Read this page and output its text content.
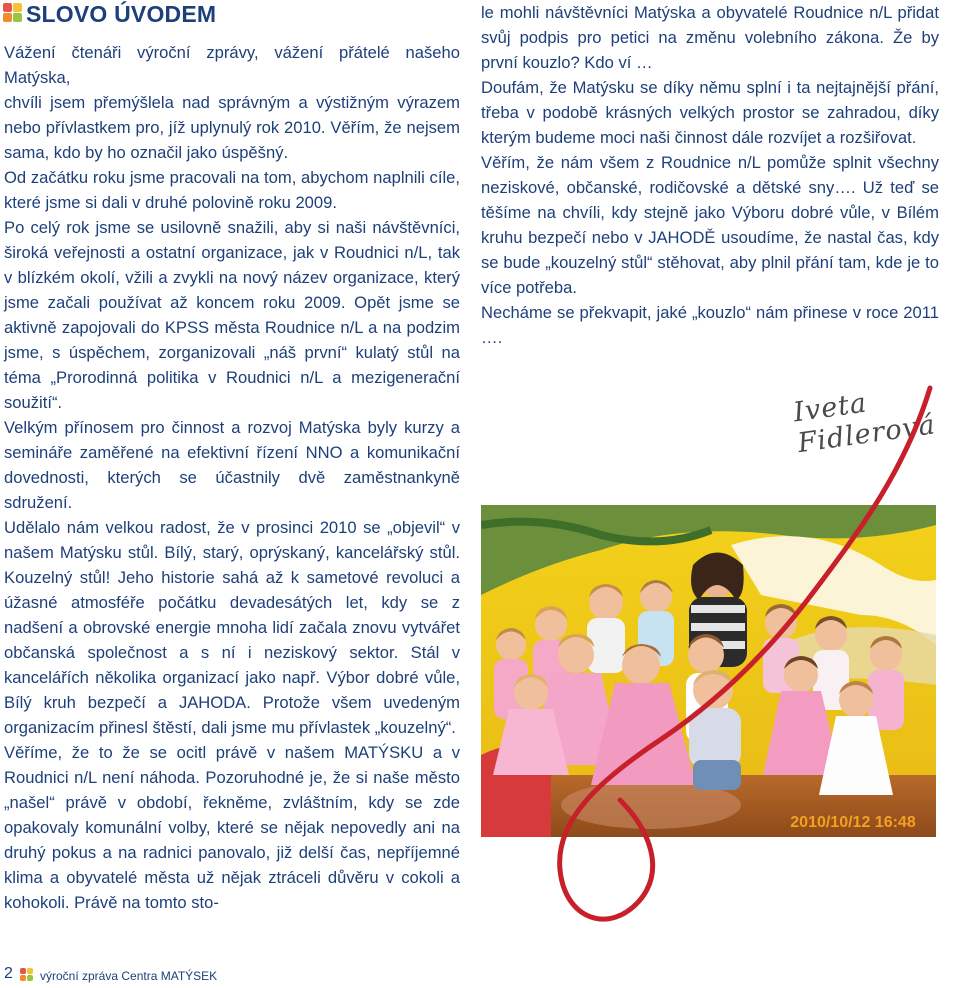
SLOVO ÚVODEM

Vážení čtenáři výroční zprávy, vážení přátelé našeho Matýska,

chvíli jsem přemýšlela nad správným a výstižným výrazem nebo přívlastkem pro, jíž uplynulý rok 2010. Věřím, že nejsem sama, kdo by ho označil jako úspěšný.

Od začátku roku jsme pracovali na tom, abychom naplnili cíle, které jsme si dali v druhé polovině roku 2009.

Po celý rok jsme se usilovně snažili, aby si naši návštěvníci, široká veřejnosti a ostatní organizace, jak v Roudnici n/L, tak v blízkém okolí, vžili a zvykli na nový název organizace, který jsme začali používat až koncem roku 2009. Opět jsme se aktivně zapojovali do KPSS města Roudnice n/L a na podzim jsme, s úspěchem, zorganizovali „náš první“ kulatý stůl na téma „Prorodinná politika v Roudnici n/L a mezigenerační soužití“.

Velkým přínosem pro činnost a rozvoj Matýska byly kurzy a semináře zaměřené na efektivní řízení NNO a komunikační dovednosti, kterých se účastnily dvě zaměstnankyně sdružení.

Udělalo nám velkou radost, že v prosinci 2010 se „objevil“ v našem Matýsku stůl. Bílý, starý, oprýskaný, kancelářský stůl. Kouzelný stůl! Jeho historie sahá až k sametové revoluci a úžasné atmosféře počátku devadesátých let, kdy se z nadšení a obrovské energie mnoha lidí začala znovu vytvářet občanská společnost a s ní i neziskový sektor. Stál v kancelářích několika organizací jako např. Výbor dobré vůle, Bílý kruh bezpečí a JAHODA. Protože všem uvedeným organizacím přinesl štěstí, dali jsme mu přívlastek „kouzelný“.

Věříme, že to že se ocitl právě v našem MATÝSKU a v Roudnici n/L není náhoda. Pozoruhodné je, že si naše město „našel“ právě v období, řekněme, zvláštním, kdy se zde opakovaly komunální volby, které se nějak nepovedly ani na druhý pokus a na radnici panovalo, již delší čas, nepříjemné klima a obyvatelé města už nějak ztráceli důvěru v cokoli a kohokoli. Právě na tomto sto-

le mohli návštěvníci Matýska a obyvatelé Roudnice n/L přidat svůj podpis pro petici na změnu volebního zákona. Že by první kouzlo? Kdo ví …

Doufám, že Matýsku se díky němu splní i ta nejtajnější přání, třeba v podobě krásných velkých prostor se zahradou, díky kterým budeme moci naši činnost dále rozvíjet a rozšiřovat.

Věřím, že nám všem z Roudnice n/L pomůže splnit všechny neziskové, občanské, rodičovské a dětské sny…. Už teď se těšíme na chvíli, kdy stejně jako Výboru dobré vůle, v Bílém kruhu bezpečí nebo v JAHODĚ usoudíme, že nastal čas, kdy se bude „kouzelný stůl“ stěhovat, aby plnil přání tam, kde je to více potřeba.

Necháme se překvapit, jaké „kouzlo“ nám přinese v roce 2011 ….

Iveta Fidlerová
2010/10/12 16:48
2 výroční zpráva Centra MATÝSEK
